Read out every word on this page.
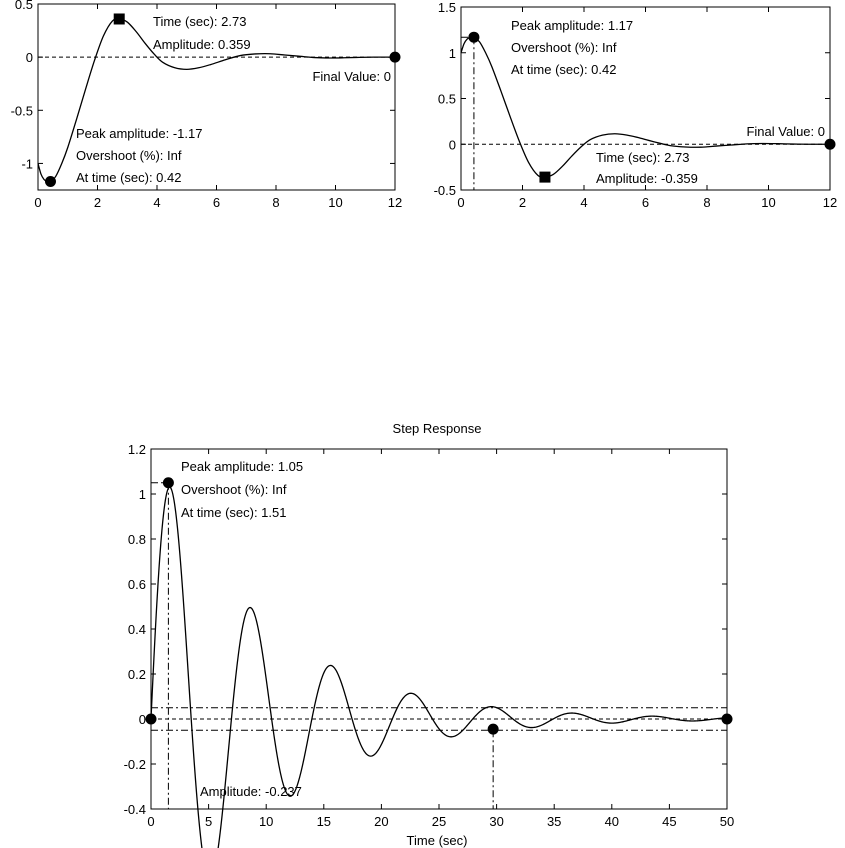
0	2	4	6	8	10	12
-1
-0.5
0
0.5
Time (sec): 2.73
Amplitude: 0.359
Final Value: 0
Peak amplitude: -1.17
Overshoot (%): Inf
At time (sec): 0.42
0	2	4	6	8	10	12
-0.5
0
0.5
1
1.5
Peak amplitude: 1.17
Overshoot (%): Inf
At time (sec): 0.42
Final Value: 0
Time (sec): 2.73
Amplitude: -0.359
Step Response
Time (sec)
0	5	10	15	20	25	30	35	40	45	50
-0.4
-0.2
0
0.2
0.4
0.6
0.8
1
1.2
Peak amplitude: 1.05
Overshoot (%): Inf
At time (sec): 1.51
Amplitude: -0.237
